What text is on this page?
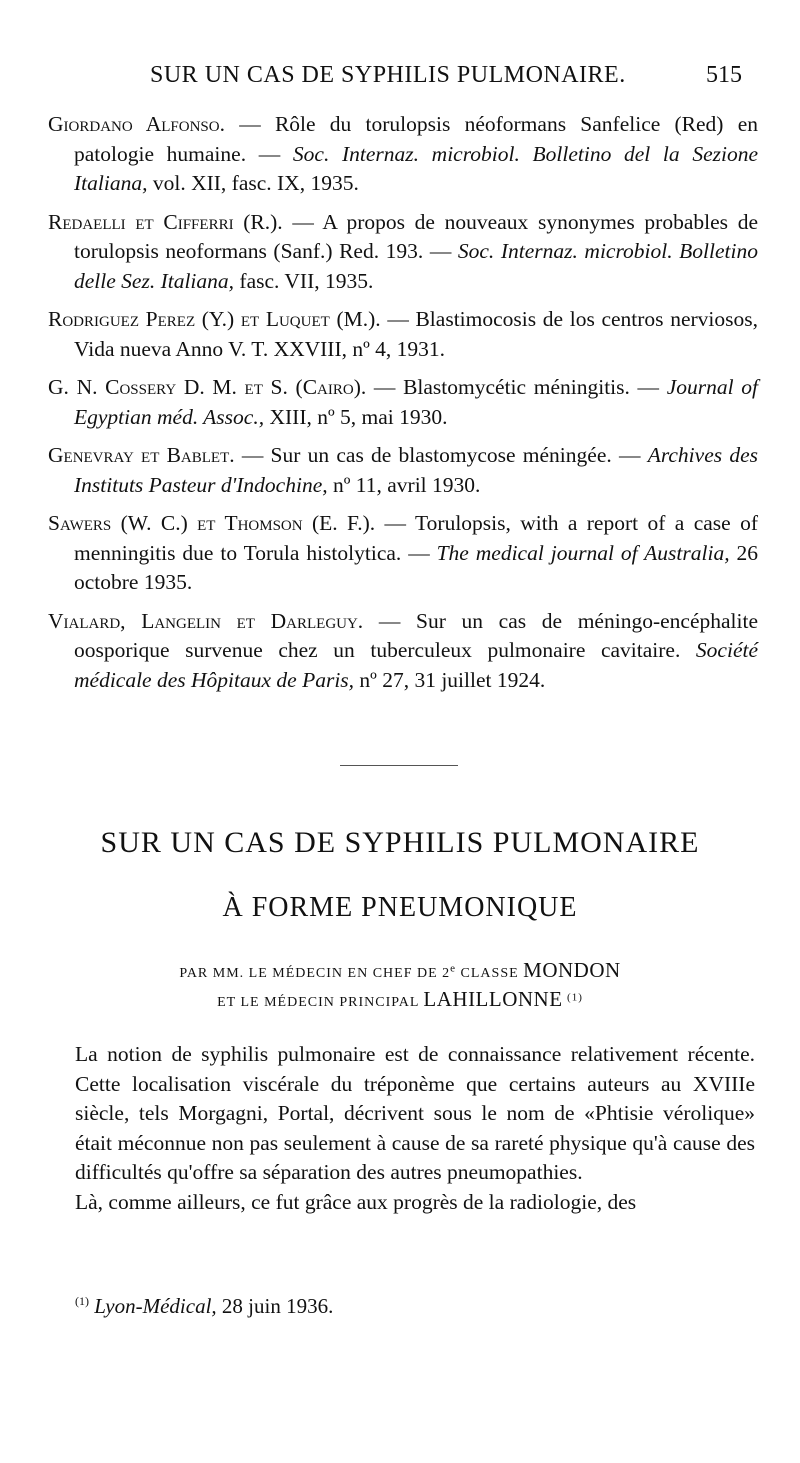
SUR UN CAS DE SYPHILIS PULMONAIRE.	515

Giordano Alfonso. — Rôle du torulopsis néoformans Sanfelice (Red) en patologie humaine. — Soc. Internaz. microbiol. Bolletino del la Sezione Italiana, vol. XII, fasc. IX, 1935.

Redaelli et Cifferri (R.). — A propos de nouveaux synonymes probables de torulopsis neoformans (Sanf.) Red. 193. — Soc. Internaz. microbiol. Bolletino delle Sez. Italiana, fasc. VII, 1935.

Rodriguez Perez (Y.) et Luquet (M.). — Blastimocosis de los centros nerviosos, Vida nueva Anno V. T. XXVIII, nº 4, 1931.

G. N. Cossery D. M. et S. (Cairo). — Blastomycétic méningitis. — Journal of Egyptian méd. Assoc., XIII, nº 5, mai 1930.

Genevray et Bablet. — Sur un cas de blastomycose méningée. — Archives des Instituts Pasteur d'Indochine, nº 11, avril 1930.

Sawers (W. C.) et Thomson (E. F.). — Torulopsis, with a report of a case of menningitis due to Torula histolytica. — The medical journal of Australia, 26 octobre 1935.

Vialard, Langelin et Darleguy. — Sur un cas de méningo-encéphalite oosporique survenue chez un tuberculeux pulmonaire cavitaire. Société médicale des Hôpitaux de Paris, nº 27, 31 juillet 1924.

SUR UN CAS DE SYPHILIS PULMONAIRE
À FORME PNEUMONIQUE
PAR MM. LE MÉDECIN EN CHEF DE 2e CLASSE MONDON
ET LE MÉDECIN PRINCIPAL LAHILLONNE $^{(1)}$

La notion de syphilis pulmonaire est de connaissance relativement récente. Cette localisation viscérale du tréponème que certains auteurs au XVIIIe siècle, tels Morgagni, Portal, décrivent sous le nom de «Phtisie vérolique» était méconnue non pas seulement à cause de sa rareté physique qu'à cause des difficultés qu'offre sa séparation des autres pneumopathies.

Là, comme ailleurs, ce fut grâce aux progrès de la radiologie, des

$^{(1)}$ Lyon-Médical, 28 juin 1936.
